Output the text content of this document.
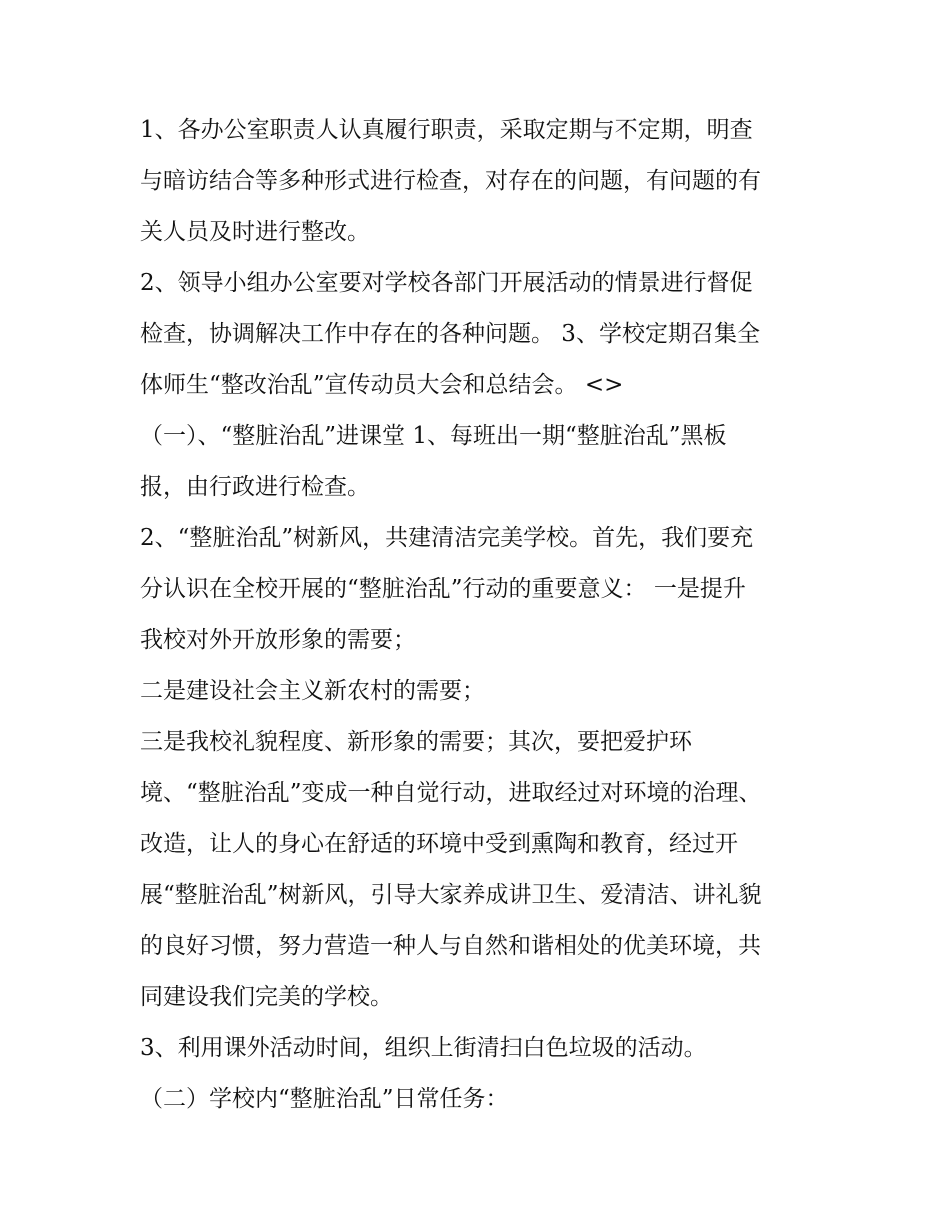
1、各办公室职责人认真履行职责，采取定期与不定期，明查
与暗访结合等多种形式进行检查，对存在的问题，有问题的有
关人员及时进行整改。
2、领导小组办公室要对学校各部门开展活动的情景进行督促
检查，协调解决工作中存在的各种问题。 3、学校定期召集全
体师生“整改治乱”宣传动员大会和总结会。 <>
（一）、“整脏治乱”进课堂 1、每班出一期“整脏治乱”黑板
报，由行政进行检查。
2、“整脏治乱”树新风，共建清洁完美学校。首先，我们要充
分认识在全校开展的“整脏治乱”行动的重要意义： 一是提升
我校对外开放形象的需要；
二是建设社会主义新农村的需要；
三是我校礼貌程度、新形象的需要；其次，要把爱护环
境、“整脏治乱”变成一种自觉行动，进取经过对环境的治理、
改造，让人的身心在舒适的环境中受到熏陶和教育，经过开
展“整脏治乱”树新风，引导大家养成讲卫生、爱清洁、讲礼貌
的良好习惯，努力营造一种人与自然和谐相处的优美环境，共
同建设我们完美的学校。
3、利用课外活动时间，组织上街清扫白色垃圾的活动。
（二）学校内“整脏治乱”日常任务：
